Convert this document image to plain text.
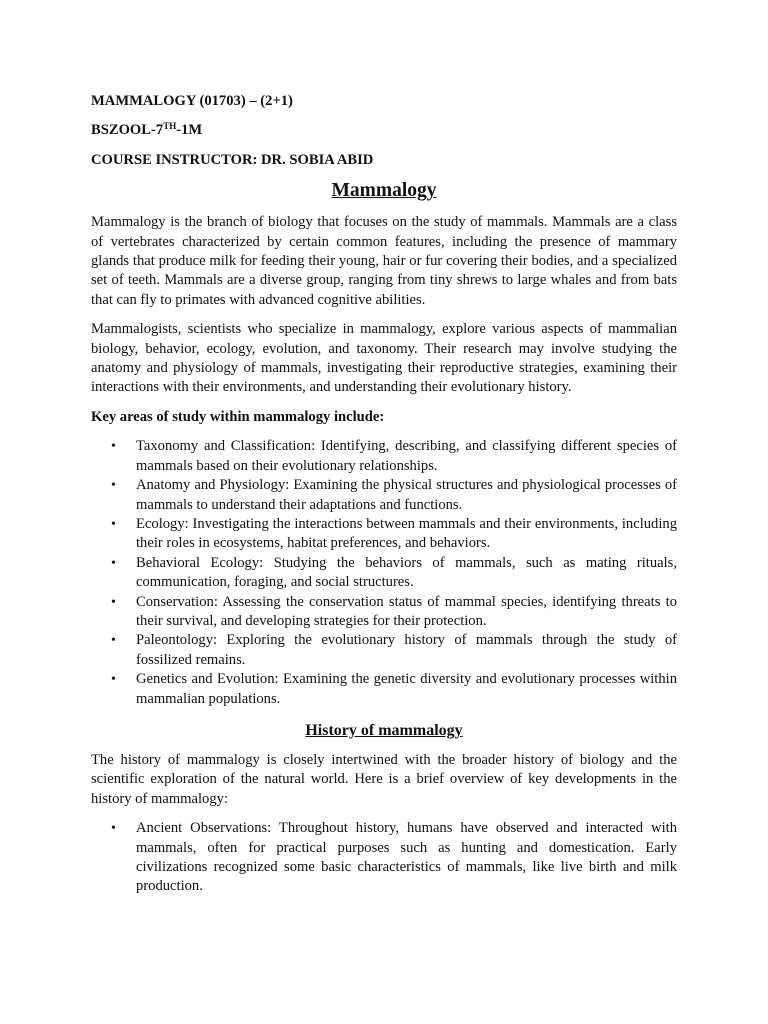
MAMMALOGY (01703) – (2+1)
BSZOOL-7TH-1M
COURSE INSTRUCTOR: DR. SOBIA ABID
Mammalogy

Mammalogy is the branch of biology that focuses on the study of mammals. Mammals are a class of vertebrates characterized by certain common features, including the presence of mammary glands that produce milk for feeding their young, hair or fur covering their bodies, and a specialized set of teeth. Mammals are a diverse group, ranging from tiny shrews to large whales and from bats that can fly to primates with advanced cognitive abilities.

Mammalogists, scientists who specialize in mammalogy, explore various aspects of mammalian biology, behavior, ecology, evolution, and taxonomy. Their research may involve studying the anatomy and physiology of mammals, investigating their reproductive strategies, examining their interactions with their environments, and understanding their evolutionary history.

Key areas of study within mammalogy include:
• Taxonomy and Classification: Identifying, describing, and classifying different species of mammals based on their evolutionary relationships.
• Anatomy and Physiology: Examining the physical structures and physiological processes of mammals to understand their adaptations and functions.
• Ecology: Investigating the interactions between mammals and their environments, including their roles in ecosystems, habitat preferences, and behaviors.
• Behavioral Ecology: Studying the behaviors of mammals, such as mating rituals, communication, foraging, and social structures.
• Conservation: Assessing the conservation status of mammal species, identifying threats to their survival, and developing strategies for their protection.
• Paleontology: Exploring the evolutionary history of mammals through the study of fossilized remains.
• Genetics and Evolution: Examining the genetic diversity and evolutionary processes within mammalian populations.
History of mammalogy

The history of mammalogy is closely intertwined with the broader history of biology and the scientific exploration of the natural world. Here is a brief overview of key developments in the history of mammalogy:

• Ancient Observations: Throughout history, humans have observed and interacted with mammals, often for practical purposes such as hunting and domestication. Early civilizations recognized some basic characteristics of mammals, like live birth and milk production.
